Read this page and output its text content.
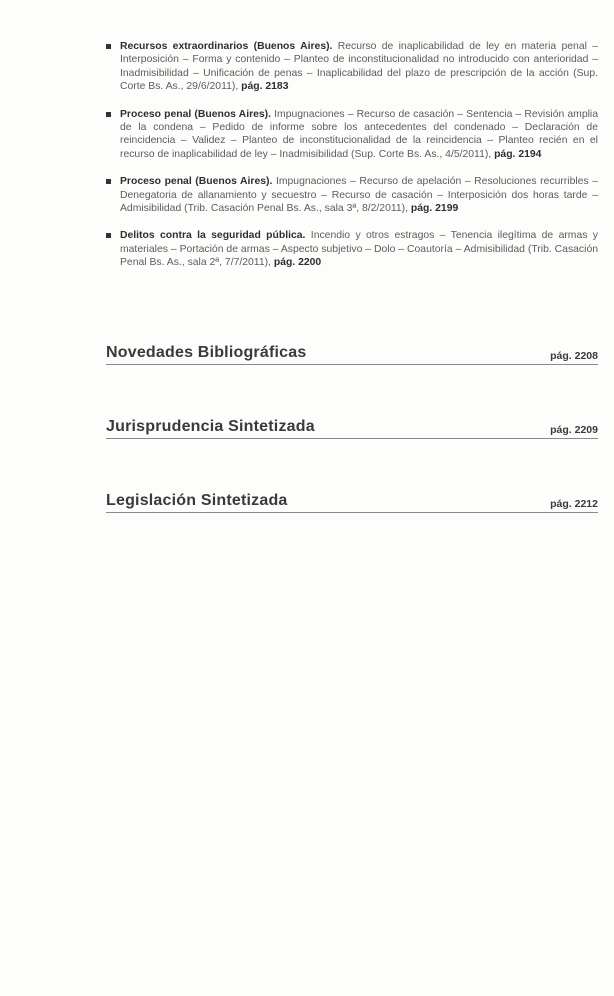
Recursos extraordinarios (Buenos Aires). Recurso de inaplicabilidad de ley en materia penal – Interposición – Forma y contenido – Planteo de inconstitucionalidad no introducido con anterioridad – Inadmisibilidad – Unificación de penas – Inaplicabilidad del plazo de prescripción de la acción (Sup. Corte Bs. As., 29/6/2011), pág. 2183
Proceso penal (Buenos Aires). Impugnaciones – Recurso de casación – Sentencia – Revisión amplia de la condena – Pedido de informe sobre los antecedentes del condenado – Declaración de reincidencia – Validez – Planteo de inconstitucionalidad de la reincidencia – Planteo recién en el recurso de inaplicabilidad de ley – Inadmisibilidad (Sup. Corte Bs. As., 4/5/2011), pág. 2194
Proceso penal (Buenos Aires). Impugnaciones – Recurso de apelación – Resoluciones recurribles – Denegatoria de allanamiento y secuestro – Recurso de casación – Interposición dos horas tarde – Admisibilidad (Trib. Casación Penal Bs. As., sala 3ª, 8/2/2011), pág. 2199
Delitos contra la seguridad pública. Incendio y otros estragos – Tenencia ilegítima de armas y materiales – Portación de armas – Aspecto subjetivo – Dolo – Coautoría – Admisibilidad (Trib. Casación Penal Bs. As., sala 2ª, 7/7/2011), pág. 2200
Novedades Bibliográficas	pág. 2208
Jurisprudencia Sintetizada	pág. 2209
Legislación Sintetizada	pág. 2212
